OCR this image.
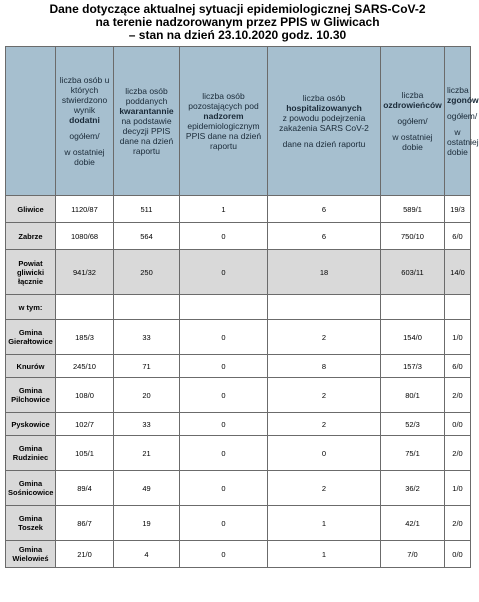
Dane dotyczące aktualnej sytuacji epidemiologicznej SARS-CoV-2
na terenie nadzorowanym przez PPIS w Gliwicach
– stan na dzień 23.10.2020 godz. 10.30
	liczba osób u których stwierdzono wynik dodatni
ogółem/
w ostatniej dobie	liczba osób poddanych
kwarantannie
na podstawie decyzji PPIS dane na dzień raportu	liczba osób pozostających pod
nadzorem
epidemiologicznym PPIS dane na dzień raportu	liczba osób
hospitalizowanych
z powodu podejrzenia zakażenia SARS CoV-2
dane na dzień raportu	liczba ozdrowieńców
ogółem/
w ostatniej dobie	liczba
zgonów
ogółem/
w ostatniej dobie

Gliwice	1120/87	511	1	6	589/1	19/3
Zabrze	1080/68	564	0	6	750/10	6/0
Powiat gliwicki łącznie	941/32	250	0	18	603/11	14/0
w tym:						
Gmina Gierałtowice	185/3	33	0	2	154/0	1/0
Knurów	245/10	71	0	8	157/3	6/0
Gmina Pilchowice	108/0	20	0	2	80/1	2/0
Pyskowice	102/7	33	0	2	52/3	0/0
Gmina Rudziniec	105/1	21	0	0	75/1	2/0
Gmina Sośnicowice	89/4	49	0	2	36/2	1/0
Gmina Toszek	86/7	19	0	1	42/1	2/0
Gmina Wielowieś	21/0	4	0	1	7/0	0/0
